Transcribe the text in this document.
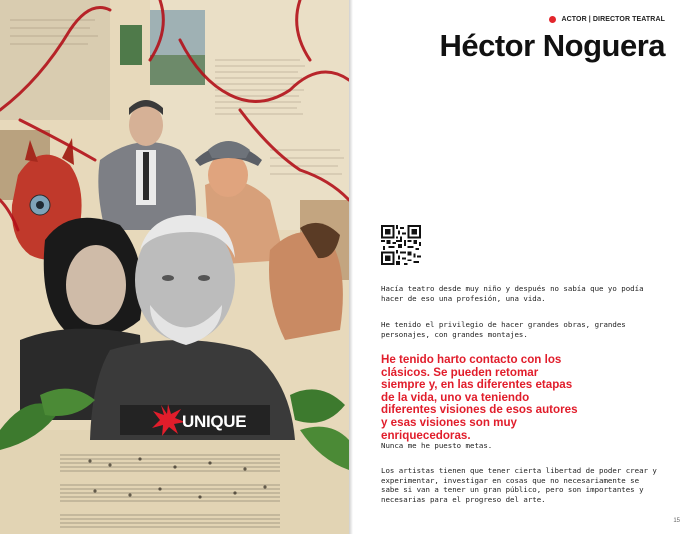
UNIQUE
ACTOR | DIRECTOR TEATRAL
Héctor Noguera

Hacía teatro desde muy niño y después no sabía que yo podía hacer de eso una profesión, una vida.

He tenido el privilegio de hacer grandes obras, grandes personajes, con grandes montajes.

He tenido harto contacto con los clásicos. Se pueden retomar siempre y, en las diferentes etapas de la vida, uno va teniendo diferentes visiones de esos autores y esas visiones son muy enriquecedoras.

Nunca me he puesto metas.

Los artistas tienen que tener cierta libertad de poder crear y experimentar, investigar en cosas que no necesariamente se sabe si van a tener un gran público, pero son importantes y necesarias para el progreso del arte.

15
